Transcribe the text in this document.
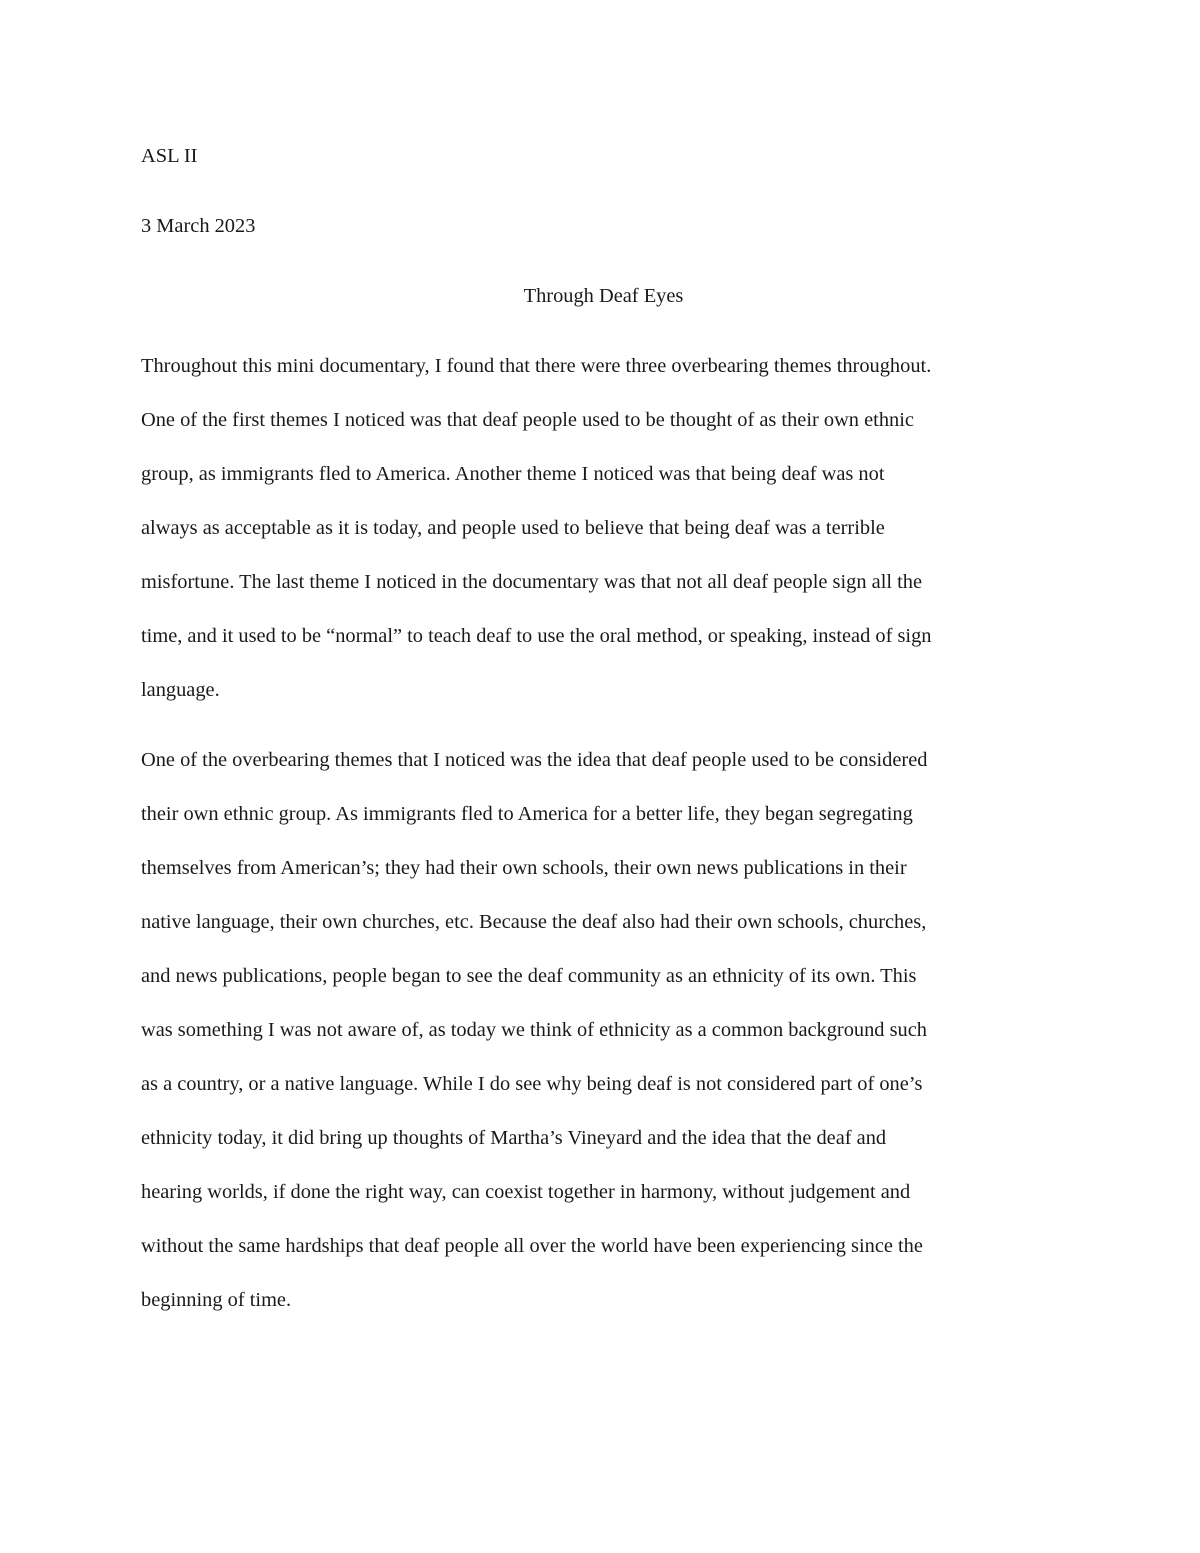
ASL II

3 March 2023

Through Deaf Eyes

Throughout this mini documentary, I found that there were three overbearing themes throughout.
One of the first themes I noticed was that deaf people used to be thought of as their own ethnic
group, as immigrants fled to America. Another theme I noticed was that being deaf was not
always as acceptable as it is today, and people used to believe that being deaf was a terrible
misfortune. The last theme I noticed in the documentary was that not all deaf people sign all the
time, and it used to be “normal” to teach deaf to use the oral method, or speaking, instead of sign
language.
One of the overbearing themes that I noticed was the idea that deaf people used to be considered
their own ethnic group. As immigrants fled to America for a better life, they began segregating
themselves from American’s; they had their own schools, their own news publications in their
native language, their own churches, etc. Because the deaf also had their own schools, churches,
and news publications, people began to see the deaf community as an ethnicity of its own. This
was something I was not aware of, as today we think of ethnicity as a common background such
as a country, or a native language. While I do see why being deaf is not considered part of one’s
ethnicity today, it did bring up thoughts of Martha’s Vineyard and the idea that the deaf and
hearing worlds, if done the right way, can coexist together in harmony, without judgement and
without the same hardships that deaf people all over the world have been experiencing since the
beginning of time.
